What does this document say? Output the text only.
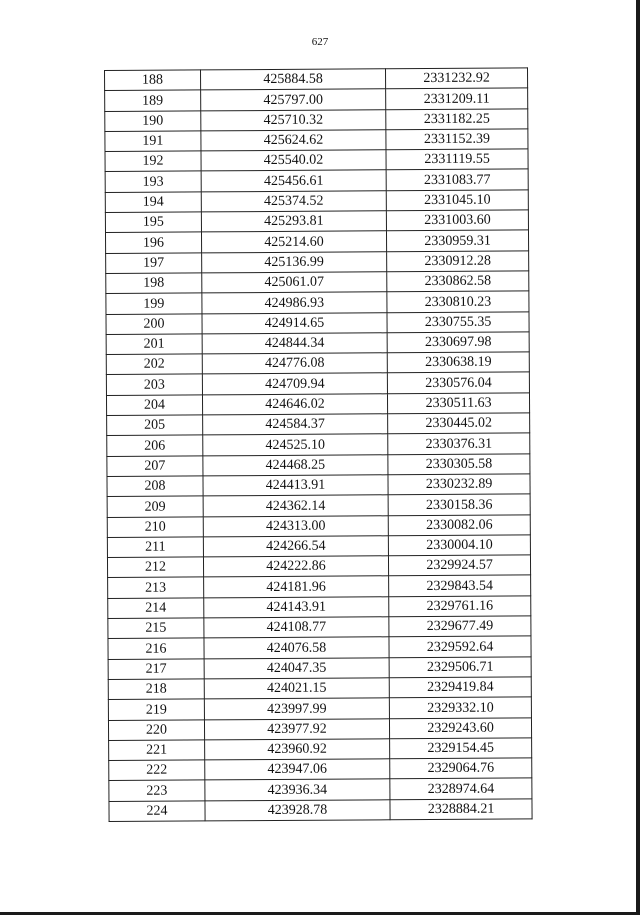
627
188	425884.58	2331232.92
189	425797.00	2331209.11
190	425710.32	2331182.25
191	425624.62	2331152.39
192	425540.02	2331119.55
193	425456.61	2331083.77
194	425374.52	2331045.10
195	425293.81	2331003.60
196	425214.60	2330959.31
197	425136.99	2330912.28
198	425061.07	2330862.58
199	424986.93	2330810.23
200	424914.65	2330755.35
201	424844.34	2330697.98
202	424776.08	2330638.19
203	424709.94	2330576.04
204	424646.02	2330511.63
205	424584.37	2330445.02
206	424525.10	2330376.31
207	424468.25	2330305.58
208	424413.91	2330232.89
209	424362.14	2330158.36
210	424313.00	2330082.06
211	424266.54	2330004.10
212	424222.86	2329924.57
213	424181.96	2329843.54
214	424143.91	2329761.16
215	424108.77	2329677.49
216	424076.58	2329592.64
217	424047.35	2329506.71
218	424021.15	2329419.84
219	423997.99	2329332.10
220	423977.92	2329243.60
221	423960.92	2329154.45
222	423947.06	2329064.76
223	423936.34	2328974.64
224	423928.78	2328884.21
